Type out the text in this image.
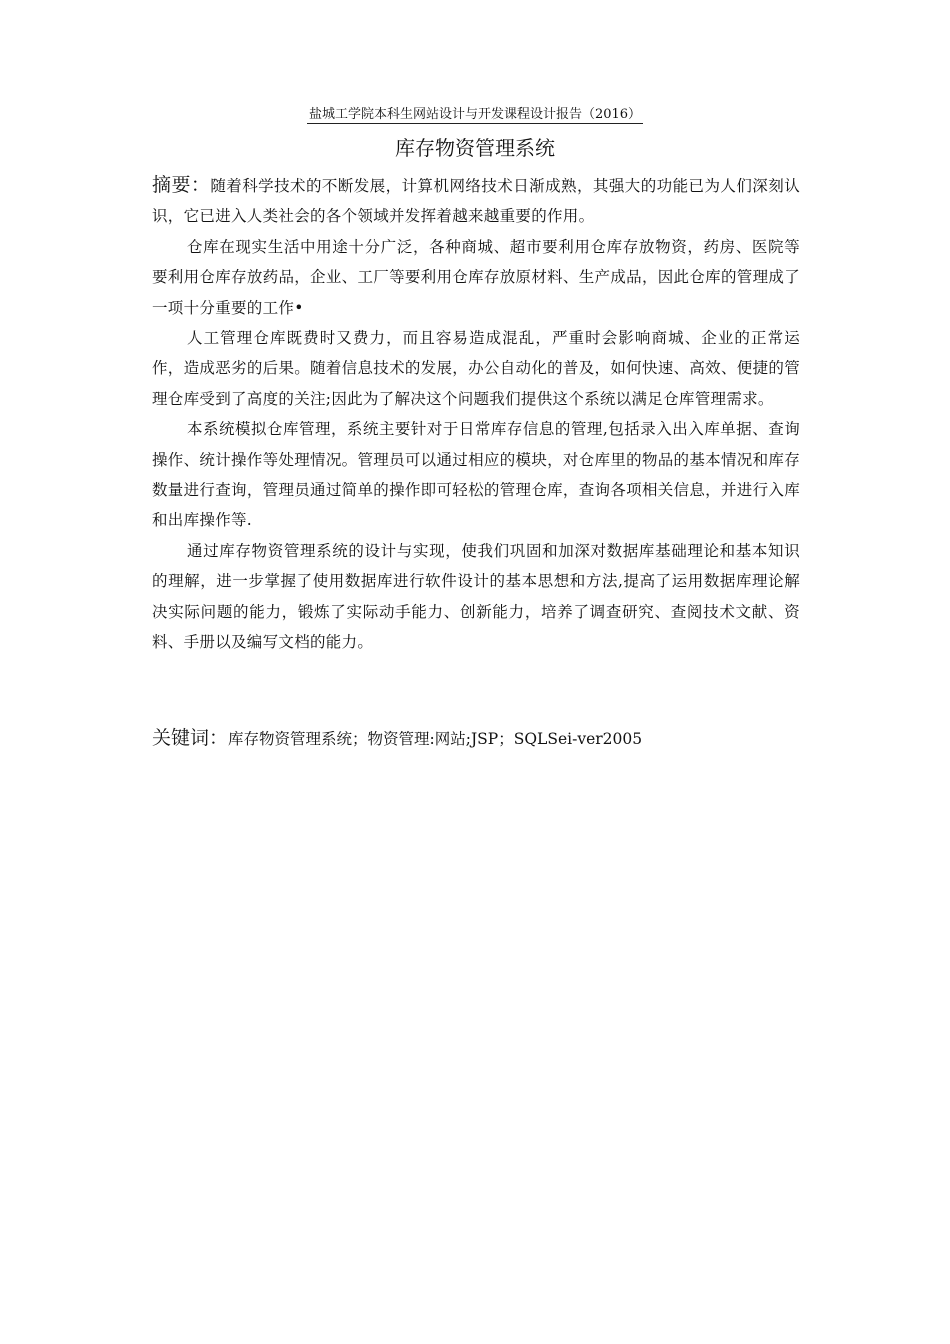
盐城工学院本科生网站设计与开发课程设计报告（2016）
库存物资管理系统

摘要：随着科学技术的不断发展，计算机网络技术日渐成熟，其强大的功能已为人们深刻认识，它已进入人类社会的各个领域并发挥着越来越重要的作用。

仓库在现实生活中用途十分广泛，各种商城、超市要利用仓库存放物资，药房、医院等要利用仓库存放药品，企业、工厂等要利用仓库存放原材料、生产成品，因此仓库的管理成了一项十分重要的工作•

人工管理仓库既费时又费力，而且容易造成混乱，严重时会影响商城、企业的正常运作，造成恶劣的后果。随着信息技术的发展，办公自动化的普及，如何快速、高效、便捷的管理仓库受到了高度的关注;因此为了解决这个问题我们提供这个系统以满足仓库管理需求。

本系统模拟仓库管理，系统主要针对于日常库存信息的管理,包括录入出入库单据、查询操作、统计操作等处理情况。管理员可以通过相应的模块，对仓库里的物品的基本情况和库存数量进行查询，管理员通过简单的操作即可轻松的管理仓库，查询各项相关信息，并进行入库和出库操作等.

通过库存物资管理系统的设计与实现，使我们巩固和加深对数据库基础理论和基本知识的理解，进一步掌握了使用数据库进行软件设计的基本思想和方法,提高了运用数据库理论解决实际问题的能力，锻炼了实际动手能力、创新能力，培养了调查研究、查阅技术文献、资料、手册以及编写文档的能力。

关键词：库存物资管理系统；物资管理:网站;JSP；SQLSei-ver2005
